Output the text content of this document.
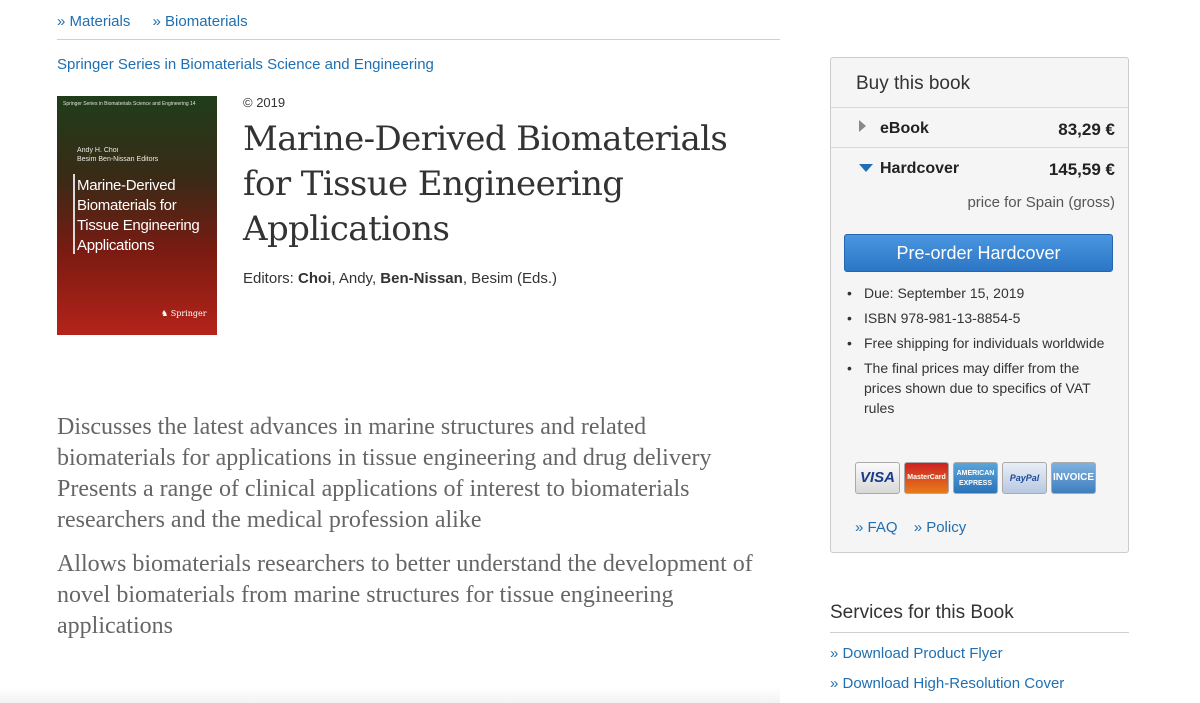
» Materials » Biomaterials
Springer Series in Biomaterials Science and Engineering
Springer Series in Biomaterials Science and Engineering 14
Andy H. Choi
Besim Ben-Nissan Editors
Marine-Derived
Biomaterials for
Tissue Engineering
Applications
♞ Springer
© 2019
Marine-Derived Biomaterials for Tissue Engineering Applications
Editors: Choi, Andy, Ben-Nissan, Besim (Eds.)

Discusses the latest advances in marine structures and related biomaterials for applications in tissue engineering and drug delivery Presents a range of clinical applications of interest to biomaterials researchers and the medical profession alike

Allows biomaterials researchers to better understand the development of novel biomaterials from marine structures for tissue engineering applications

Buy this book
eBook	83,29 €
Hardcover	145,59 €
price for Spain (gross)
Pre-order Hardcover
• Due: September 15, 2019
• ISBN 978-981-13-8854-5
• Free shipping for individuals worldwide
• The final prices may differ from the prices shown due to specifics of VAT rules
VISA	MasterCard
AMERICAN
EXPRESS
PayPal	INVOICE
» FAQ » Policy
Services for this Book
» Download Product Flyer
» Download High-Resolution Cover
